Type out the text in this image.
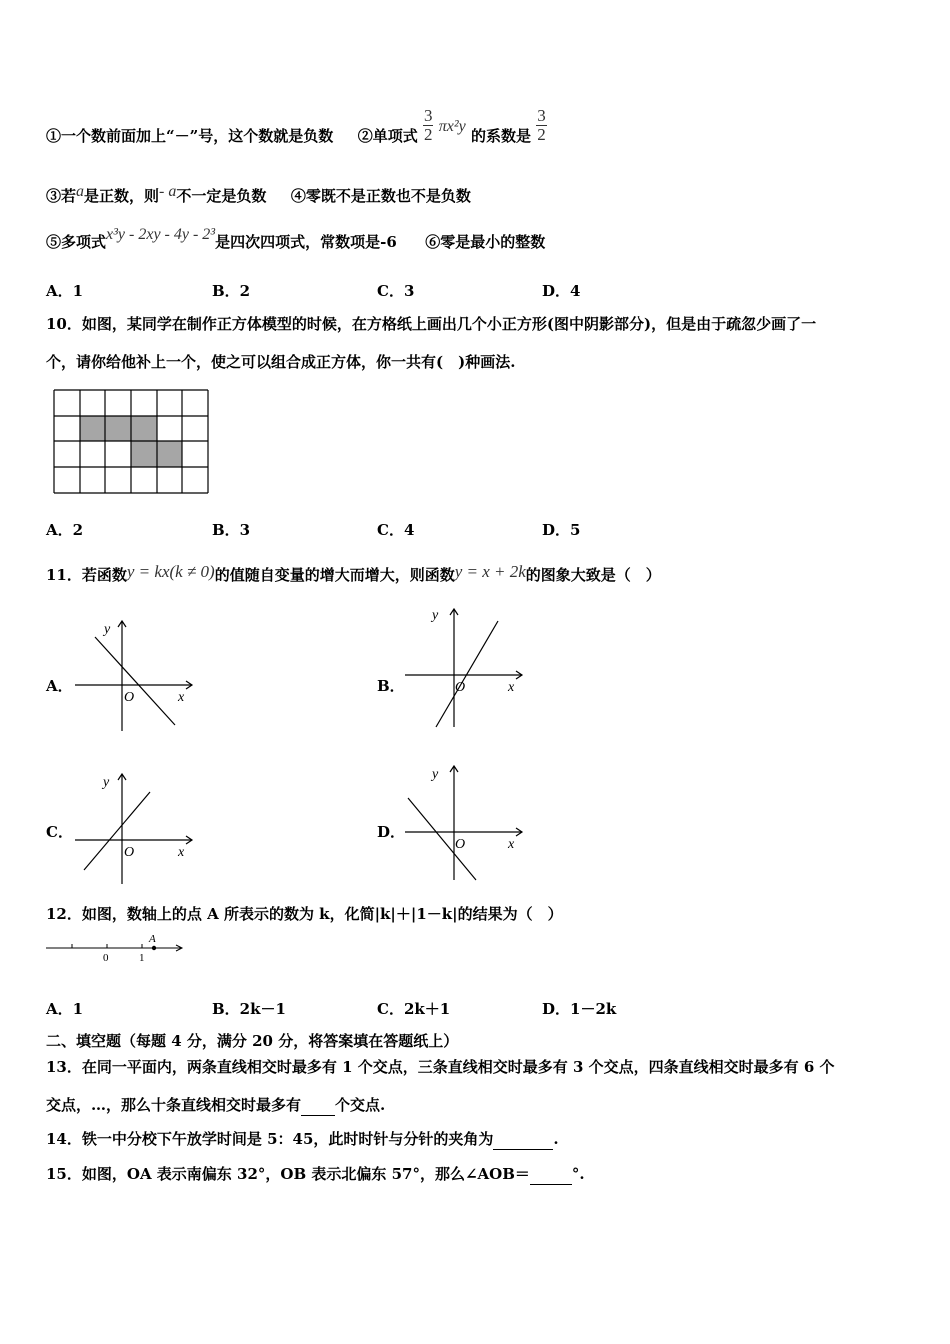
①一个数前面加上“－”号，这个数就是负数 ②单项式 $\frac{3}{2} \pi x^2y$ 的系数是 $\frac{3}{2}$
③若a是正数，则- a不一定是负数 ④零既不是正数也不是负数
⑤多项式x³y - 2xy - 4y - 2³是四次四项式，常数项是-6 ⑥零是最小的整数
A．1	B．2	C．3	D．4
10．如图，某同学在制作正方体模型的时候，在方格纸上画出几个小正方形(图中阴影部分)，但是由于疏忽少画了一
个，请你给他补上一个，使之可以组合成正方体，你一共有(　)种画法.
A．2	B．3	C．4	D．5
11．若函数y = kx(k ≠ 0)的值随自变量的增大而增大，则函数y = x + 2k的图象大致是（　）
A．
y
x
O
B．
y
x
O
C．
y
x
O
D．
y
x
O
12．如图，数轴上的点 A 所表示的数为 k，化简|k|＋|1－k|的结果为（　）
0	1
A
A．1	B．2k－1	C．2k＋1	D．1－2k
二、填空题（每题 4 分，满分 20 分，将答案填在答题纸上）
13．在同一平面内，两条直线相交时最多有 1 个交点，三条直线相交时最多有 3 个交点，四条直线相交时最多有 6 个
交点，…，那么十条直线相交时最多有 个交点.
14．铁一中分校下午放学时间是 5：45，此时时针与分针的夹角为	.
15．如图，OA 表示南偏东 32°，OB 表示北偏东 57°，那么∠AOB＝	°.
